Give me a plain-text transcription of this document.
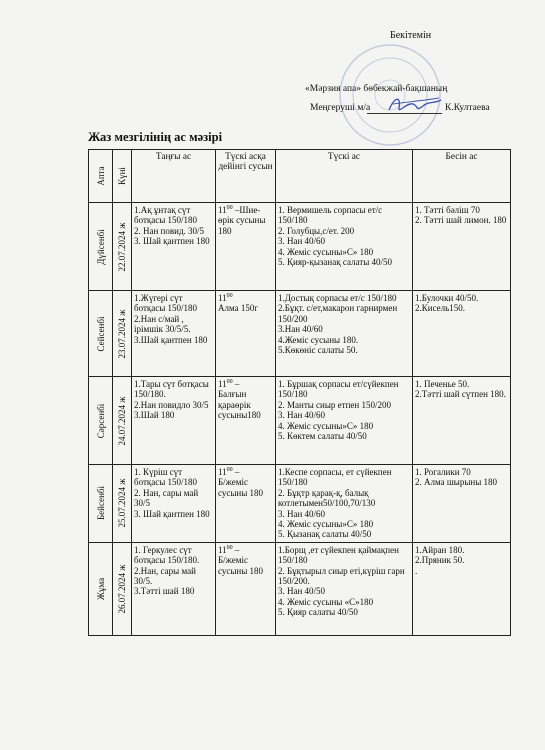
Бекітемін
«Мәрзия апа» бөбекжай-бақшаның
Меңгеруші м/а	К.Култаева
Жаз мезгілінің ас мәзірі
Апта	Күні	Таңғы ас	Түскі асқа дейінгі сусын	Түскі ас	Бесін ас

Дүйсенбі	22.07.2024 ж	1.Ақ ұнтақ сүт ботқасы 150/180
2. Нан повид. 30/5
3. Шай қантпен 180	$11^{00}$ –Шие-
өрік сусыны
180	1. Вермишель сорпасы ет/с 150/180
2. Голубцы,с/ет. 200
3. Нан 40/60
4. Жеміс сусыны»С» 180
5. Қияр-қызанақ салаты 40/50	1. Тәтті бәліш 70
2. Тәтті шай лимон. 180

Сейсенбі	23.07.2024 ж	1.Жүгері сүт ботқасы 150/180
2.Нан с/май , ірімшік 30/5/5.
3.Шай қантпен 180	$11^{00}$
Алма 150г	1.Достық сорпасы ет/с 150/180
2.Бұқт. с/ет,макарон гарнирмен 150/200
3.Нан 40/60
4.Жеміс сусыны 180.
5.Көкөніс салаты 50.	1.Булочки 40/50.
2.Кисель150.

Сәрсенбі	24.07.2024 ж	1.Тары сүт ботқасы 150/180.
2.Нан повидло 30/5
3.Шай 180	$11^{00}$ –
Балғын қараөрік сусыны180	1. Бұршақ сорпасы ет/сүйекпен 150/180
2. Манты сиыр етпен 150/200
3. Нан 40/60
4. Жеміс сусыны»С» 180
5. Көктем салаты 40/50	1. Печенье 50.
2.Тәтті шай сүтпен 180.

Бейсенбі	25.07.2024 ж	1. Күріш сүт ботқасы 150/180
2. Нан, сары май 30/5
3. Шай қантпен 180	$11^{00}$ –
Б/жеміс сусыны 180	1.Кеспе сорпасы, ет сүйекпен 150/180
2. Бұқтр қарақ-қ, балық котлетымен50/100,70/130
3. Нан 40/60
4. Жеміс сусыны»С» 180
5. Қызанақ салаты 40/50	1. Рогалики 70
2. Алма шырыны 180

Жұма	26.07.2024 ж	1. Геркулес сүт ботқасы 150/180.
2.Нан, сары май 30/5.
3.Тәтті шай 180	$11^{00}$ –
Б/жеміс сусыны 180	1.Борщ ,ет сүйекпен қаймақпен 150/180
2. Бұқтырыл сиыр еті,күріш гарн 150/200.
3. Нан 40/50
4. Жеміс сусыны «С»180
5. Қияр салаты 40/50	1.Айран 180.
2.Пряник 50.
.
